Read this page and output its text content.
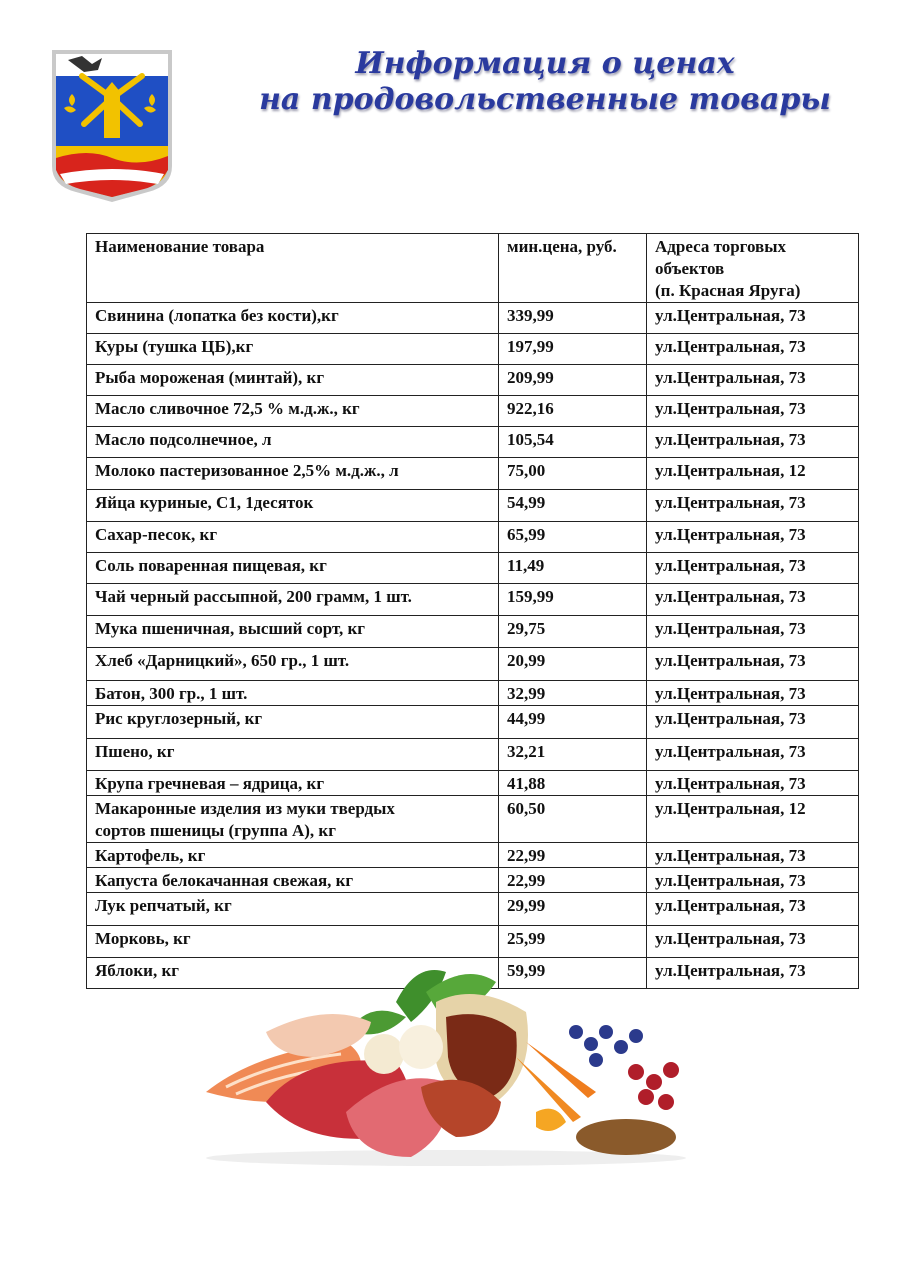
Информация о ценах
на продовольственные товары
Наименование товара	мин.цена, руб.	Адреса торговых
объектов
(п. Красная Яруга)

Свинина (лопатка без кости),кг	339,99	ул.Центральная, 73
Куры (тушка ЦБ),кг	197,99	ул.Центральная, 73
Рыба мороженая (минтай), кг	209,99	ул.Центральная, 73
Масло сливочное 72,5 % м.д.ж., кг	922,16	ул.Центральная, 73
Масло подсолнечное, л	105,54	ул.Центральная, 73
Молоко пастеризованное 2,5% м.д.ж., л	75,00	ул.Центральная, 12
Яйца куриные, С1, 1десяток	54,99	ул.Центральная, 73
Сахар-песок, кг	65,99	ул.Центральная, 73
Соль поваренная пищевая, кг	11,49	ул.Центральная, 73
Чай черный рассыпной, 200 грамм, 1 шт.	159,99	ул.Центральная, 73
Мука пшеничная, высший сорт, кг	29,75	ул.Центральная, 73
Хлеб «Дарницкий», 650 гр., 1 шт.	20,99	ул.Центральная, 73
Батон, 300 гр., 1 шт.	32,99	ул.Центральная, 73
Рис круглозерный, кг	44,99	ул.Центральная, 73
Пшено, кг	32,21	ул.Центральная, 73
Крупа гречневая – ядрица, кг	41,88	ул.Центральная, 73

Макаронные изделия из муки твердых
сортов пшеницы (группа А), кг	60,50	ул.Центральная, 12
Картофель, кг	22,99	ул.Центральная, 73
Капуста белокачанная свежая, кг	22,99	ул.Центральная, 73
Лук репчатый, кг	29,99	ул.Центральная, 73
Морковь, кг	25,99	ул.Центральная, 73
Яблоки, кг	59,99	ул.Центральная, 73
